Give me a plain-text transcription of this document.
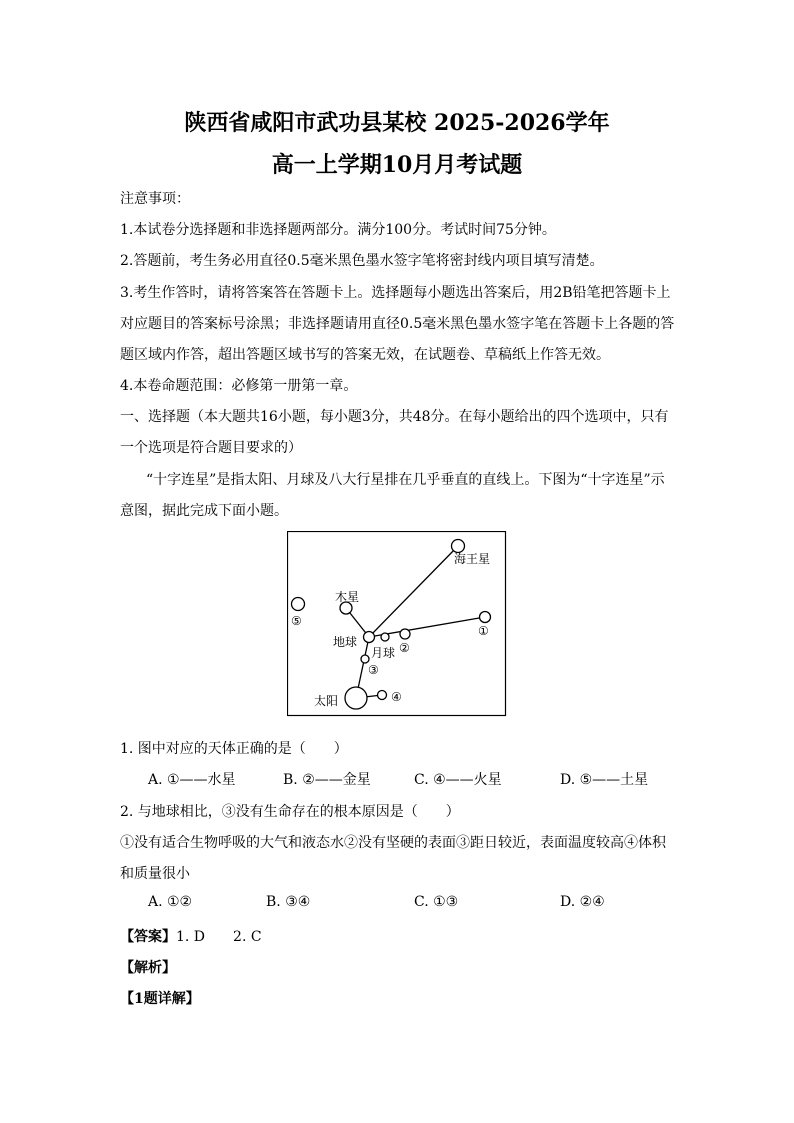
陕西省咸阳市武功县某校 2025-2026学年
高一上学期10月月考试题
注意事项：
1.本试卷分选择题和非选择题两部分。满分100分。考试时间75分钟。
2.答题前，考生务必用直径0.5毫米黑色墨水签字笔将密封线内项目填写清楚。
3.考生作答时，请将答案答在答题卡上。选择题每小题选出答案后，用2B铅笔把答题卡上
对应题目的答案标号涂黑；非选择题请用直径0.5毫米黑色墨水签字笔在答题卡上各题的答
题区域内作答，超出答题区域书写的答案无效，在试题卷、草稿纸上作答无效。
4.本卷命题范围：必修第一册第一章。
一、选择题（本大题共16小题，每小题3分，共48分。在每小题给出的四个选项中，只有
一个选项是符合题目要求的）
“十字连星”是指太阳、月球及八大行星排在几乎垂直的直线上。下图为“十字连星”示
意图，据此完成下面小题。
海王星
木星
地球
月球
太阳
①
②
③
④
⑤
1. 图中对应的天体正确的是（　　）
A. ①——水星	B. ②——金星	C. ④——火星	D. ⑤——土星
2. 与地球相比，③没有生命存在的根本原因是（　　）
①没有适合生物呼吸的大气和液态水②没有坚硬的表面③距日较近，表面温度较高④体积
和质量很小
A. ①②	B. ③④	C. ①③	D. ②④
【答案】1. D　　2. C
【解析】
【1题详解】
